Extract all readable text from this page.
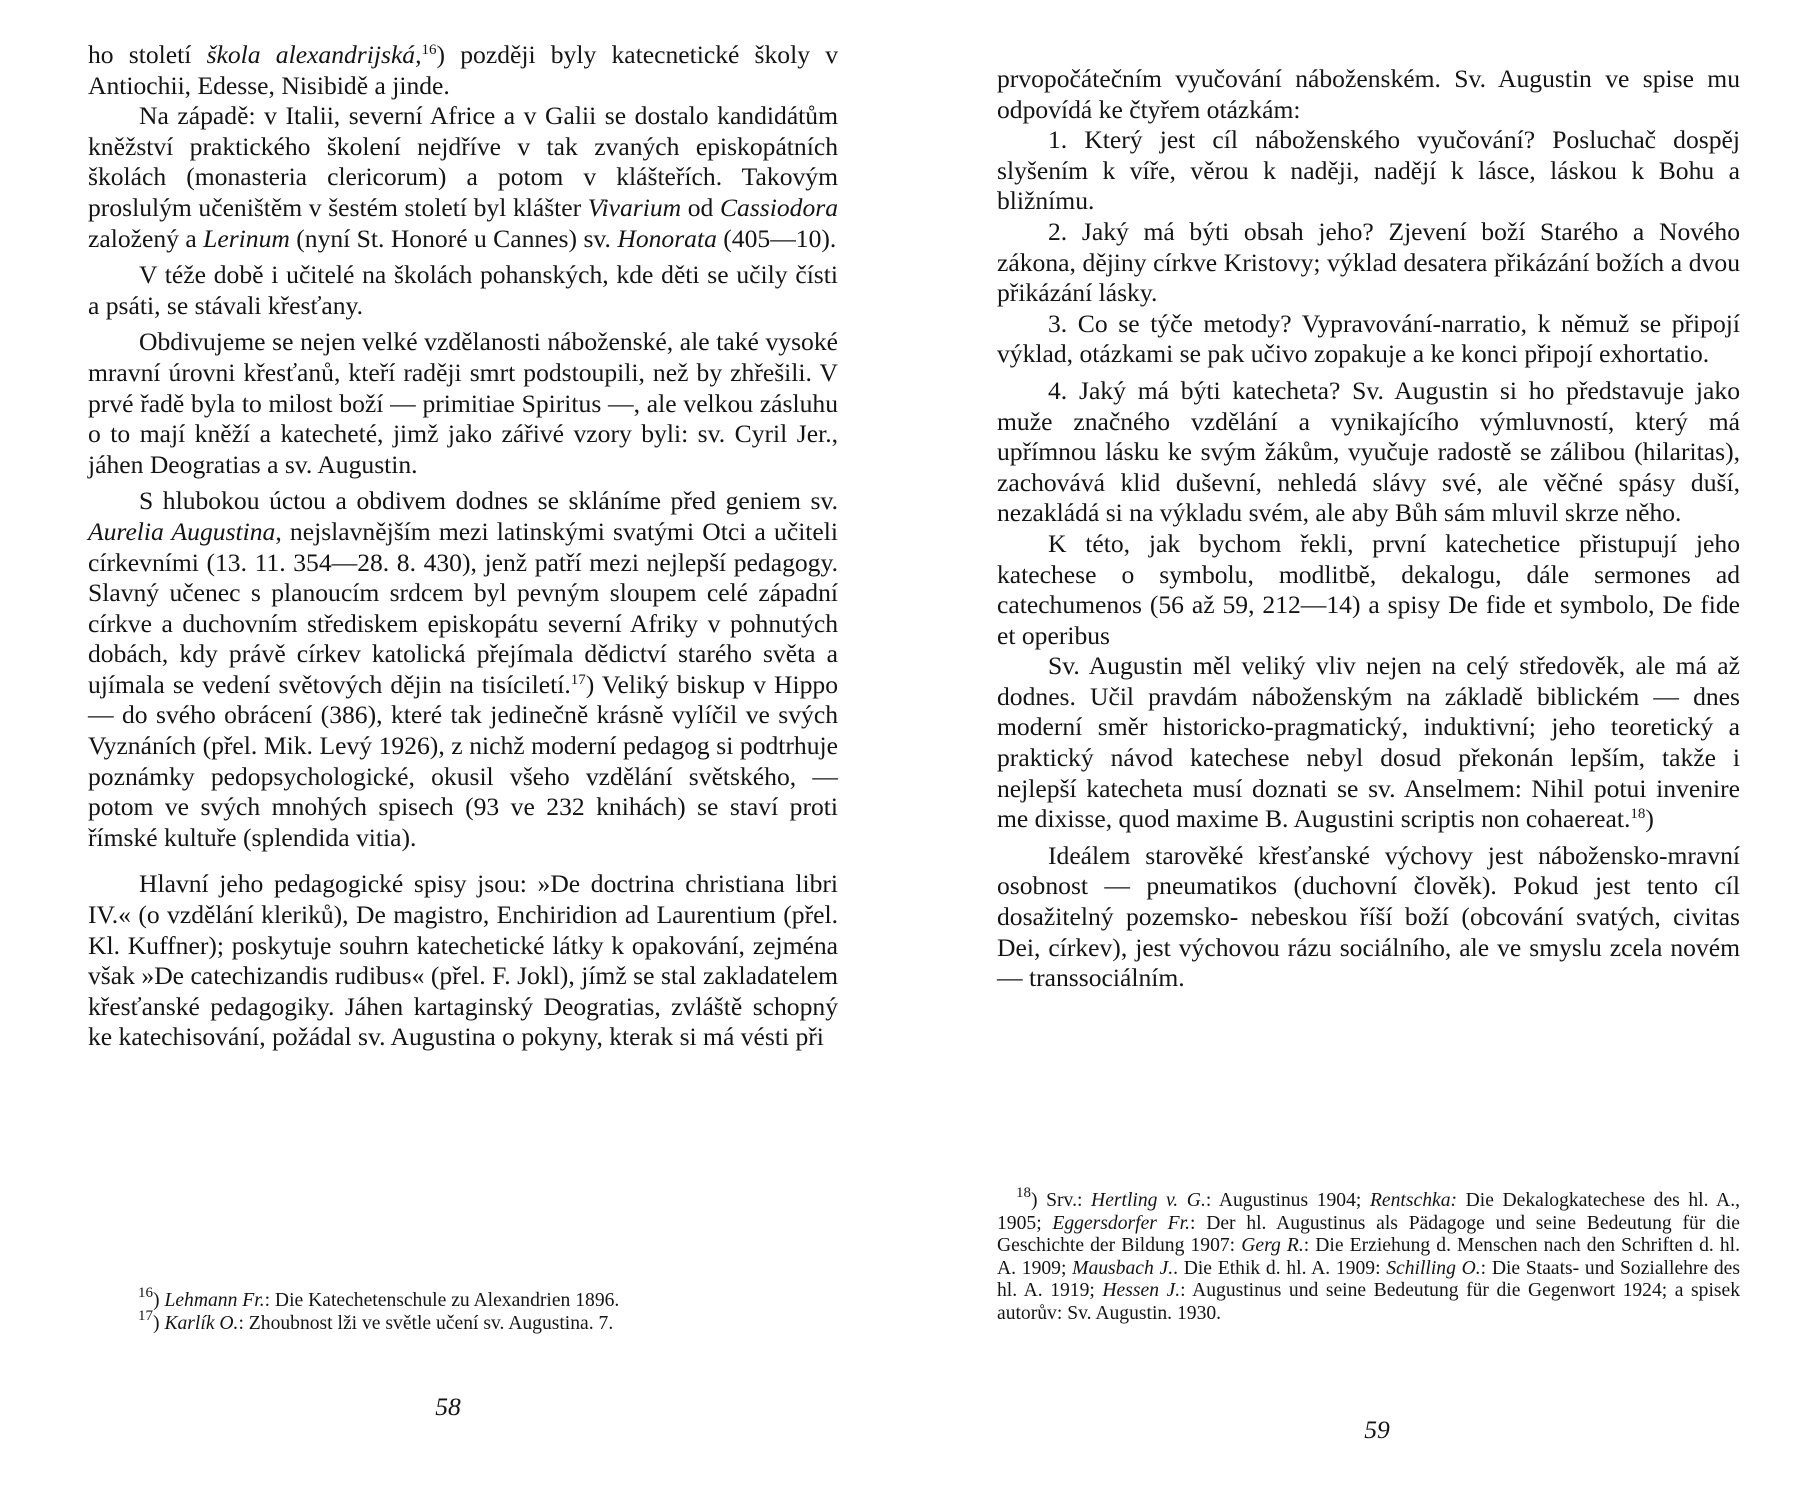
ho století škola alexandrijská,$^{16}$) později byly katecnetické školy v Antiochii, Edesse, Nisibidě a jinde.

Na západě: v Italii, severní Africe a v Galii se dostalo kandidátům kněžství praktického školení nejdříve v tak zvaných episkopátních školách (monasteria clericorum) a potom v klášteřích. Takovým proslulým učeništěm v šestém století byl klášter Vivarium od Cassiodora založený a Lerinum (nyní St. Honoré u Cannes) sv. Honorata (405—10).

V téže době i učitelé na školách pohanských, kde děti se učily čísti a psáti, se stávali křesťany.

Obdivujeme se nejen velké vzdělanosti náboženské, ale také vysoké mravní úrovni křesťanů, kteří raději smrt podstoupili, než by zhřešili. V prvé řadě byla to milost boží — primitiae Spiritus —, ale velkou zásluhu o to mají kněží a katecheté, jimž jako zářivé vzory byli: sv. Cyril Jer., jáhen Deogratias a sv. Augustin.

S hlubokou úctou a obdivem dodnes se skláníme před geniem sv. Aurelia Augustina, nejslavnějším mezi latinskými svatými Otci a učiteli církevními (13. 11. 354—28. 8. 430), jenž patří mezi nejlepší pedagogy. Slavný učenec s planoucím srdcem byl pevným sloupem celé západní církve a duchovním střediskem episkopátu severní Afriky v pohnutých dobách, kdy právě církev katolická přejímala dědictví starého světa a ujímala se vedení světových dějin na tisíciletí.$^{17}$) Veliký biskup v Hippo — do svého obrácení (386), které tak jedinečně krásně vylíčil ve svých Vyznáních (přel. Mik. Levý 1926), z nichž moderní pedagog si podtrhuje poznámky pedopsychologické, okusil všeho vzdělání světského, — potom ve svých mnohých spisech (93 ve 232 knihách) se staví proti římské kultuře (splendida vitia).

Hlavní jeho pedagogické spisy jsou: »De doctrina christiana libri IV.« (o vzdělání kleriků), De magistro, Enchiridion ad Laurentium (přel. Kl. Kuffner); poskytuje souhrn katechetické látky k opakování, zejména však »De catechizandis rudibus« (přel. F. Jokl), jímž se stal zakladatelem křesťanské pedagogiky. Jáhen kartaginský Deogratias, zvláště schopný ke katechisování, požádal sv. Augustina o pokyny, kterak si má vésti při

$^{16}$) Lehmann Fr.: Die Katechetenschule zu Alexandrien 1896.

$^{17}$) Karlík O.: Zhoubnost lži ve světle učení sv. Augustina. 7.

58

prvopočátečním vyučování náboženském. Sv. Augustin ve spise mu odpovídá ke čtyřem otázkám:

1. Který jest cíl náboženského vyučování? Posluchač dospěj slyšením k víře, věrou k naději, nadějí k lásce, láskou k Bohu a bližnímu.

2. Jaký má býti obsah jeho? Zjevení boží Starého a Nového zákona, dějiny církve Kristovy; výklad desatera přikázání božích a dvou přikázání lásky.

3. Co se týče metody? Vypravování-narratio, k němuž se připojí výklad, otázkami se pak učivo zopakuje a ke konci připojí exhortatio.

4. Jaký má býti katecheta? Sv. Augustin si ho představuje jako muže značného vzdělání a vynikajícího výmluvností, který má upřímnou lásku ke svým žákům, vyučuje radostě se zálibou (hilaritas), zachovává klid duševní, nehledá slávy své, ale věčné spásy duší, nezakládá si na výkladu svém, ale aby Bůh sám mluvil skrze něho.

K této, jak bychom řekli, první katechetice přistupují jeho katechese o symbolu, modlitbě, dekalogu, dále sermones ad catechumenos (56 až 59, 212—14) a spisy De fide et symbolo, De fide et operibus

Sv. Augustin měl veliký vliv nejen na celý středověk, ale má až dodnes. Učil pravdám náboženským na základě biblickém — dnes moderní směr historicko-pragmatický, induktivní; jeho teoretický a praktický návod katechese nebyl dosud překonán lepším, takže i nejlepší katecheta musí doznati se sv. Anselmem: Nihil potui invenire me dixisse, quod maxime B. Augustini scriptis non cohaereat.$^{18}$)

Ideálem starověké křesťanské výchovy jest nábožensko-mravní osobnost — pneumatikos (duchovní člověk). Pokud jest tento cíl dosažitelný pozemsko- nebeskou říší boží (obcování svatých, civitas Dei, církev), jest výchovou rázu sociálního, ale ve smyslu zcela novém — transsociálním.

$^{18}$) Srv.: Hertling v. G.: Augustinus 1904; Rentschka: Die Dekalogkatechese des hl. A., 1905; Eggersdorfer Fr.: Der hl. Augustinus als Pädagoge und seine Bedeutung für die Geschichte der Bildung 1907: Gerg R.: Die Erziehung d. Menschen nach den Schriften d. hl. A. 1909; Mausbach J.. Die Ethik d. hl. A. 1909: Schilling O.: Die Staats- und Soziallehre des hl. A. 1919; Hessen J.: Augustinus und seine Bedeutung für die Gegenwort 1924; a spisek autorův: Sv. Augustin. 1930.

59
